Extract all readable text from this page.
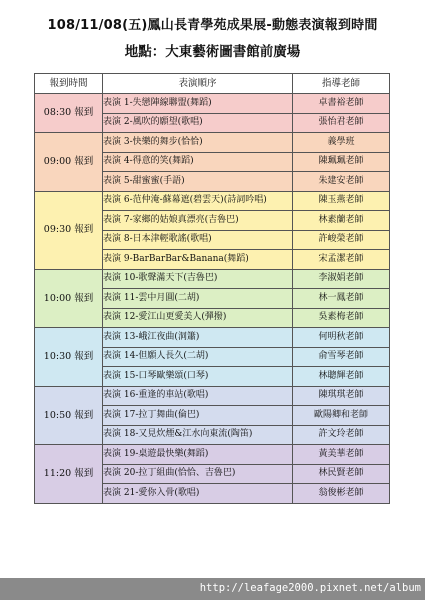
108/11/08(五)鳳山長青學苑成果展-動態表演報到時間
地點：大東藝術圖書館前廣場
報到時間	表演順序	指導老師
08:30 報到	表演 1-失戀陣線聯盟(舞蹈)	卓書裕老師
	表演 2-風吹的願望(歌唱)	張怡君老師
09:00 報到	表演 3-快樂的舞步(恰恰)	義學班
	表演 4-得意的笑(舞蹈)	陳珮珮老師
	表演 5-甜蜜蜜(手語)	朱建安老師
09:30 報到	表演 6-范仲淹-蘇幕遮(碧雲天)(詩詞吟唱)	陳玉燕老師
	表演 7-家鄉的姑娘真漂亮(吉魯巴)	林素蘭老師
	表演 8-日本津輕歌謠(歌唱)	許峻榮老師
	表演 9-BarBarBar&Banana(舞蹈)	宋孟潔老師
10:00 報到	表演 10-歌聲滿天下(吉魯巴)	李淑娟老師
	表演 11-雲中月圓(二胡)	林一鳳老師
	表演 12-愛江山更愛美人(彈撥)	吳素梅老師
10:30 報到	表演 13-峨江夜曲(洞簫)	何明秋老師
	表演 14-但願人長久(二胡)	俞雪琴老師
	表演 15-口琴歐樂頌(口琴)	林聰輝老師
10:50 報到	表演 16-重逢的車站(歌唱)	陳琪琪老師
	表演 17-拉丁舞曲(倫巴)	歐陽卿和老師
	表演 18-又見炊煙&江水向東流(陶笛)	許文玲老師
11:20 報到	表演 19-桌遊最快樂(舞蹈)	黃美華老師
	表演 20-拉丁組曲(恰恰、吉魯巴)	林民賢老師
	表演 21-愛你入骨(歌唱)	翁俊彬老師
http://leafage2000.pixnet.net/album
